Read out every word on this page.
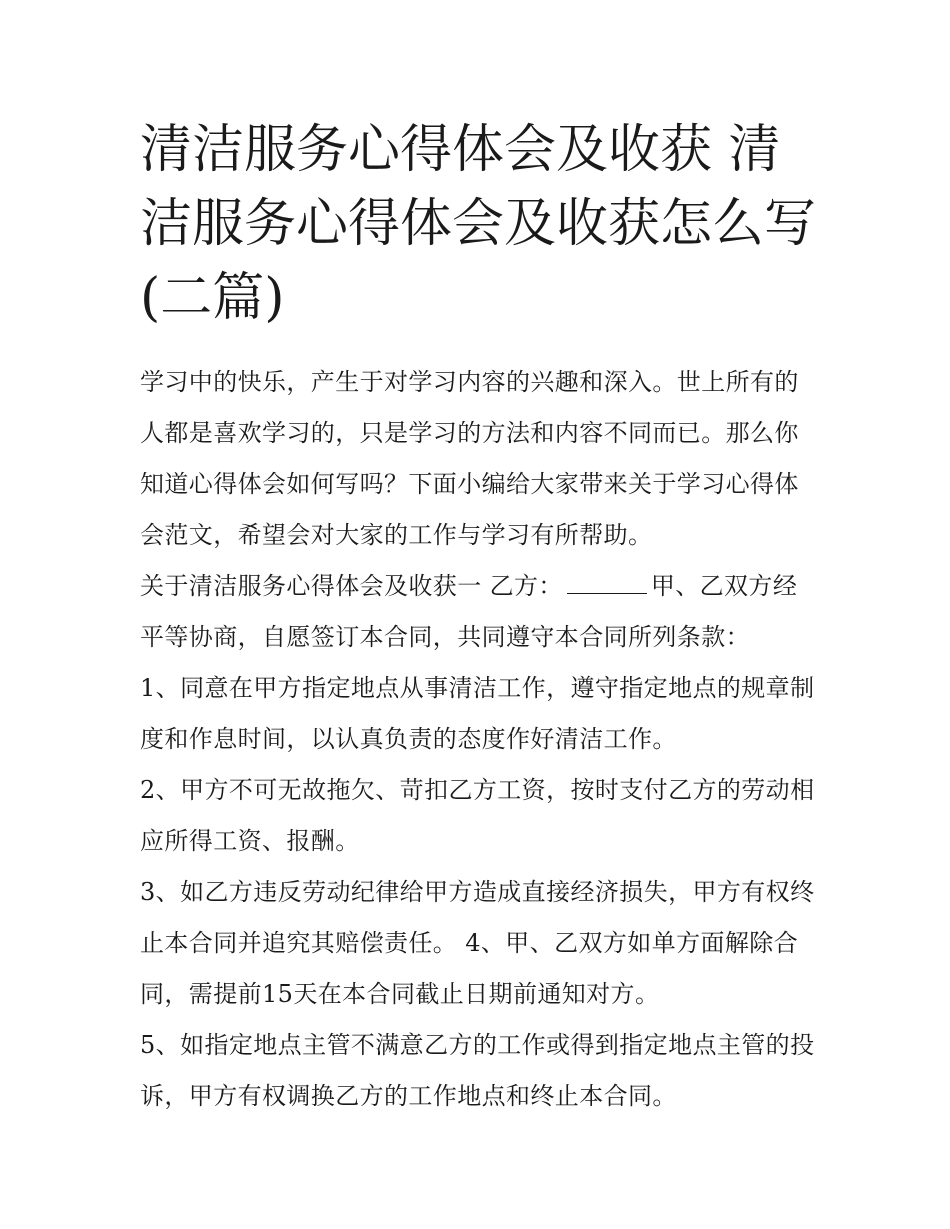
清洁服务心得体会及收获 清洁服务心得体会及收获怎么写(二篇)

学习中的快乐，产生于对学习内容的兴趣和深入。世上所有的人都是喜欢学习的，只是学习的方法和内容不同而已。那么你知道心得体会如何写吗？下面小编给大家带来关于学习心得体会范文，希望会对大家的工作与学习有所帮助。

关于清洁服务心得体会及收获一 乙方：	甲、乙双方经平等协商，自愿签订本合同，共同遵守本合同所列条款：

1、同意在甲方指定地点从事清洁工作，遵守指定地点的规章制度和作息时间，以认真负责的态度作好清洁工作。

2、甲方不可无故拖欠、苛扣乙方工资，按时支付乙方的劳动相应所得工资、报酬。

3、如乙方违反劳动纪律给甲方造成直接经济损失，甲方有权终止本合同并追究其赔偿责任。 4、甲、乙双方如单方面解除合同，需提前15天在本合同截止日期前通知对方。

5、如指定地点主管不满意乙方的工作或得到指定地点主管的投诉，甲方有权调换乙方的工作地点和终止本合同。
